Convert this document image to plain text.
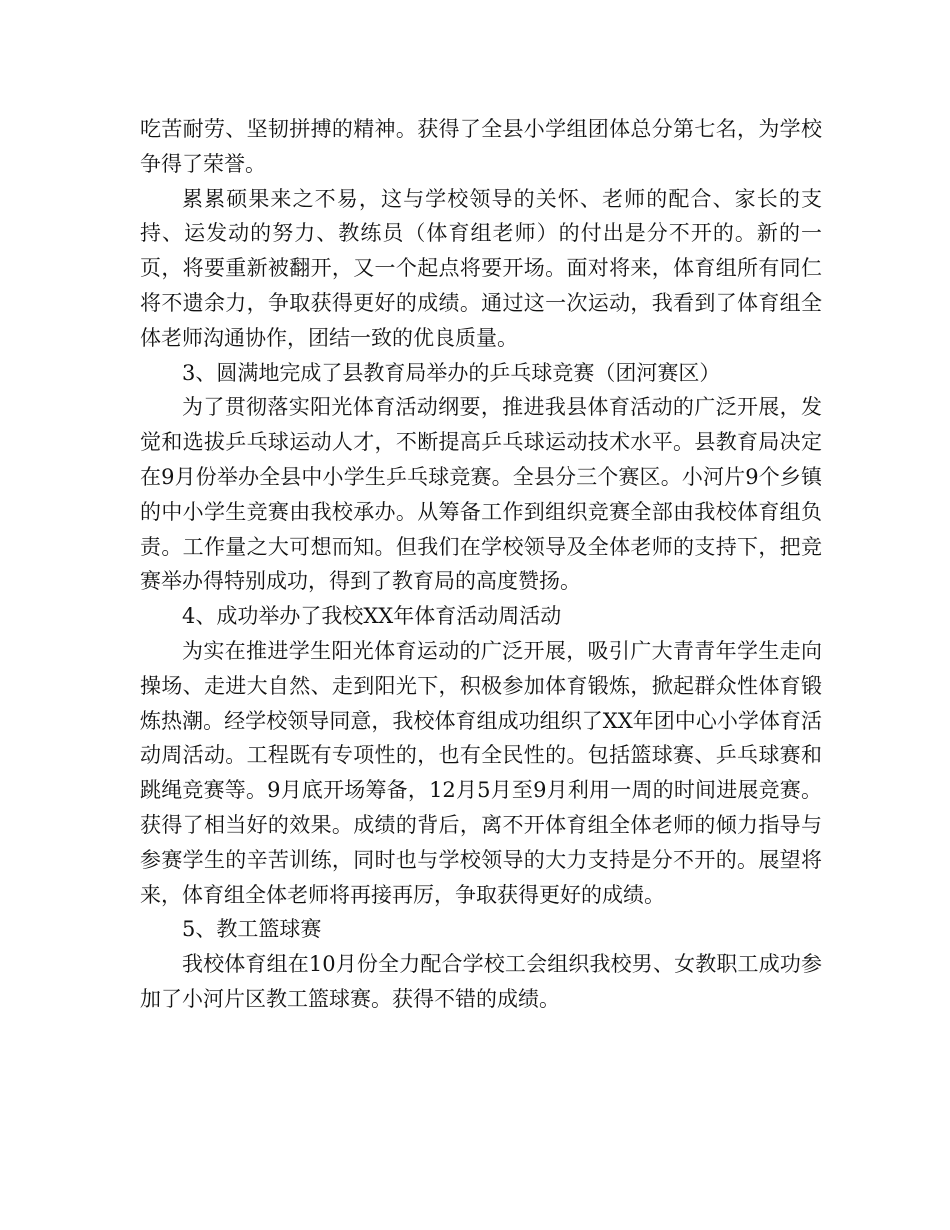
吃苦耐劳、坚韧拼搏的精神。获得了全县小学组团体总分第七名，为学校争得了荣誉。

累累硕果来之不易，这与学校领导的关怀、老师的配合、家长的支持、运发动的努力、教练员（体育组老师）的付出是分不开的。新的一页，将要重新被翻开，又一个起点将要开场。面对将来，体育组所有同仁将不遗余力，争取获得更好的成绩。通过这一次运动，我看到了体育组全体老师沟通协作，团结一致的优良质量。

3、圆满地完成了县教育局举办的乒乓球竞赛（团河赛区）

为了贯彻落实阳光体育活动纲要，推进我县体育活动的广泛开展，发觉和选拔乒乓球运动人才，不断提高乒乓球运动技术水平。县教育局决定在9月份举办全县中小学生乒乓球竞赛。全县分三个赛区。小河片9个乡镇的中小学生竞赛由我校承办。从筹备工作到组织竞赛全部由我校体育组负责。工作量之大可想而知。但我们在学校领导及全体老师的支持下，把竞赛举办得特别成功，得到了教育局的高度赞扬。

4、成功举办了我校XX年体育活动周活动

为实在推进学生阳光体育运动的广泛开展，吸引广大青青年学生走向操场、走进大自然、走到阳光下，积极参加体育锻炼，掀起群众性体育锻炼热潮。经学校领导同意，我校体育组成功组织了XX年团中心小学体育活动周活动。工程既有专项性的，也有全民性的。包括篮球赛、乒乓球赛和跳绳竞赛等。9月底开场筹备，12月5月至9月利用一周的时间进展竞赛。获得了相当好的效果。成绩的背后，离不开体育组全体老师的倾力指导与参赛学生的辛苦训练，同时也与学校领导的大力支持是分不开的。展望将来，体育组全体老师将再接再厉，争取获得更好的成绩。

5、教工篮球赛

我校体育组在10月份全力配合学校工会组织我校男、女教职工成功参加了小河片区教工篮球赛。获得不错的成绩。
